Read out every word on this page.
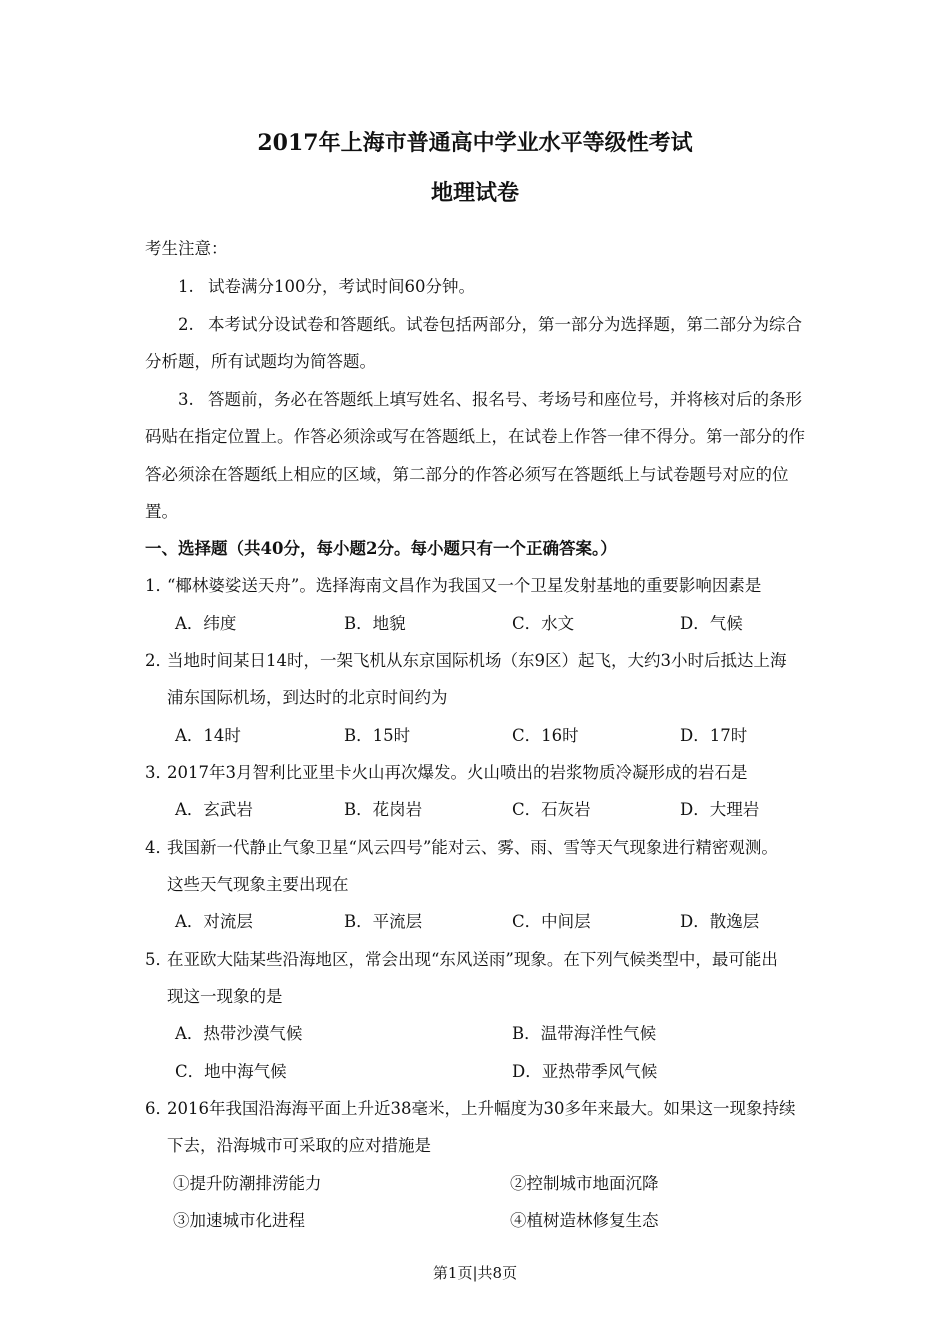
2017年上海市普通高中学业水平等级性考试
地理试卷
考生注意：
1. 试卷满分100分，考试时间60分钟。
2. 本考试分设试卷和答题纸。试卷包括两部分，第一部分为选择题，第二部分为综合
分析题，所有试题均为简答题。
3. 答题前，务必在答题纸上填写姓名、报名号、考场号和座位号，并将核对后的条形
码贴在指定位置上。作答必须涂或写在答题纸上，在试卷上作答一律不得分。第一部分的作
答必须涂在答题纸上相应的区域，第二部分的作答必须写在答题纸上与试卷题号对应的位
置。
一、选择题（共40分，每小题2分。每小题只有一个正确答案。）
1．“椰林婆娑送天舟”。选择海南文昌作为我国又一个卫星发射基地的重要影响因素是
A．纬度	B．地貌	C．水文	D．气候
2．当地时间某日14时，一架飞机从东京国际机场（东9区）起飞，大约3小时后抵达上海
浦东国际机场，到达时的北京时间约为
A．14时	B．15时	C．16时	D．17时
3．2017年3月智利比亚里卡火山再次爆发。火山喷出的岩浆物质冷凝形成的岩石是
A．玄武岩	B．花岗岩	C．石灰岩	D．大理岩
4．我国新一代静止气象卫星“风云四号”能对云、雾、雨、雪等天气现象进行精密观测。
这些天气现象主要出现在
A．对流层	B．平流层	C．中间层	D．散逸层
5．在亚欧大陆某些沿海地区，常会出现“东风送雨”现象。在下列气候类型中，最可能出
现这一现象的是
A．热带沙漠气候	B．温带海洋性气候
C．地中海气候	D．亚热带季风气候
6．2016年我国沿海海平面上升近38毫米，上升幅度为30多年来最大。如果这一现象持续
下去，沿海城市可采取的应对措施是
①提升防潮排涝能力	②控制城市地面沉降
③加速城市化进程	④植树造林修复生态
第1页|共8页
